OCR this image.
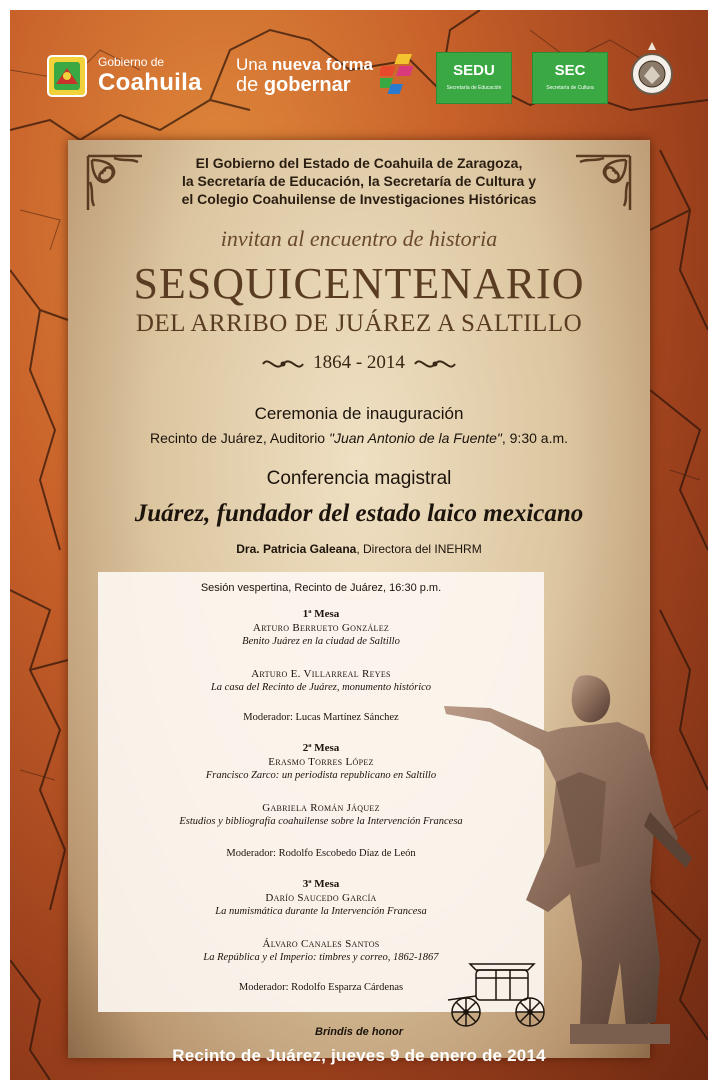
Gobierno de
Coahuila
Una nueva forma
de gobernar
SEDU
Secretaría de Educación
SEC
Secretaría de Cultura
El Gobierno del Estado de Coahuila de Zaragoza,
la Secretaría de Educación, la Secretaría de Cultura y
el Colegio Coahuilense de Investigaciones Históricas
invitan al encuentro de historia
SESQUICENTENARIO
DEL ARRIBO DE JUÁREZ A SALTILLO
1864 - 2014
Ceremonia de inauguración
Recinto de Juárez, Auditorio "Juan Antonio de la Fuente", 9:30 a.m.
Conferencia magistral
Juárez, fundador del estado laico mexicano
Dra. Patricia Galeana, Directora del INEHRM
Sesión vespertina, Recinto de Juárez, 16:30 p.m.
1ª Mesa
Arturo Berrueto González
Benito Juárez en la ciudad de Saltillo
Arturo E. Villarreal Reyes
La casa del Recinto de Juárez, monumento histórico
Moderador: Lucas Martínez Sánchez
2ª Mesa
Erasmo Torres López
Francisco Zarco: un periodista republicano en Saltillo
Gabriela Román Jáquez
Estudios y bibliografía coahuilense sobre la Intervención Francesa
Moderador: Rodolfo Escobedo Díaz de León
3ª Mesa
Darío Saucedo García
La numismática durante la Intervención Francesa
Álvaro Canales Santos
La República y el Imperio: timbres y correo, 1862-1867
Moderador: Rodolfo Esparza Cárdenas
Brindis de honor
Recinto de Juárez, jueves 9 de enero de 2014
